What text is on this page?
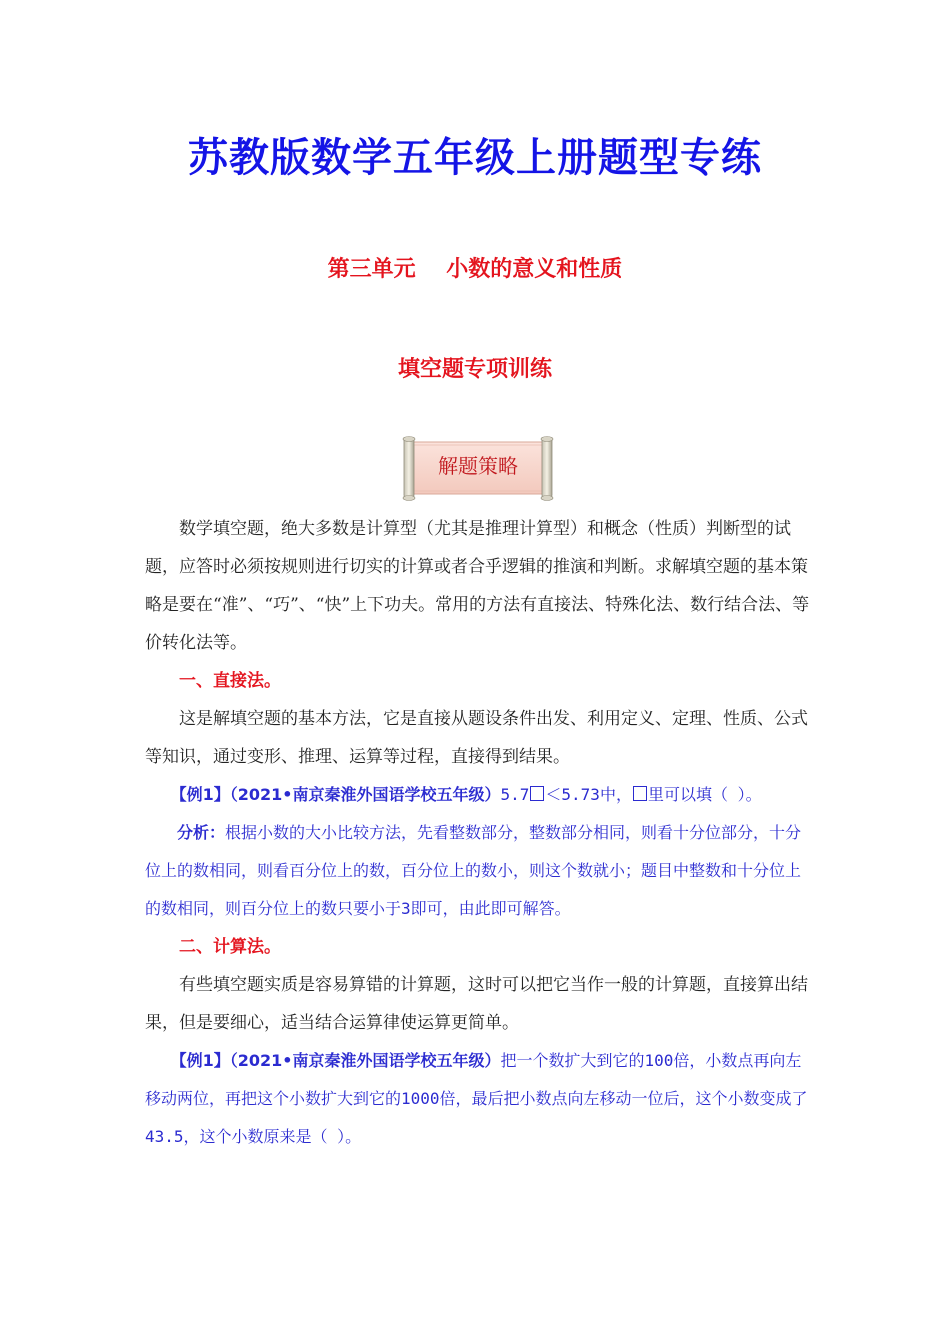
苏教版数学五年级上册题型专练
第三单元    小数的意义和性质
填空题专项训练
解题策略

数学填空题，绝大多数是计算型（尤其是推理计算型）和概念（性质）判断型的试题，应答时必须按规则进行切实的计算或者合乎逻辑的推演和判断。求解填空题的基本策略是要在“准”、“巧”、“快”上下功夫。常用的方法有直接法、特殊化法、数行结合法、等价转化法等。

一、直接法。

这是解填空题的基本方法，它是直接从题设条件出发、利用定义、定理、性质、公式等知识，通过变形、推理、运算等过程，直接得到结果。

【例1】（2021•南京秦淮外国语学校五年级）5.7 ＜5.73中， 里可以填（ ）。

分析：根据小数的大小比较方法，先看整数部分，整数部分相同，则看十分位部分，十分位上的数相同，则看百分位上的数，百分位上的数小，则这个数就小；题目中整数和十分位上的数相同，则百分位上的数只要小于3即可，由此即可解答。

二、计算法。

有些填空题实质是容易算错的计算题，这时可以把它当作一般的计算题，直接算出结果，但是要细心，适当结合运算律使运算更简单。

【例1】（2021•南京秦淮外国语学校五年级）把一个数扩大到它的100倍，小数点再向左移动两位，再把这个小数扩大到它的1000倍，最后把小数点向左移动一位后，这个小数变成了43.5，这个小数原来是（ ）。
